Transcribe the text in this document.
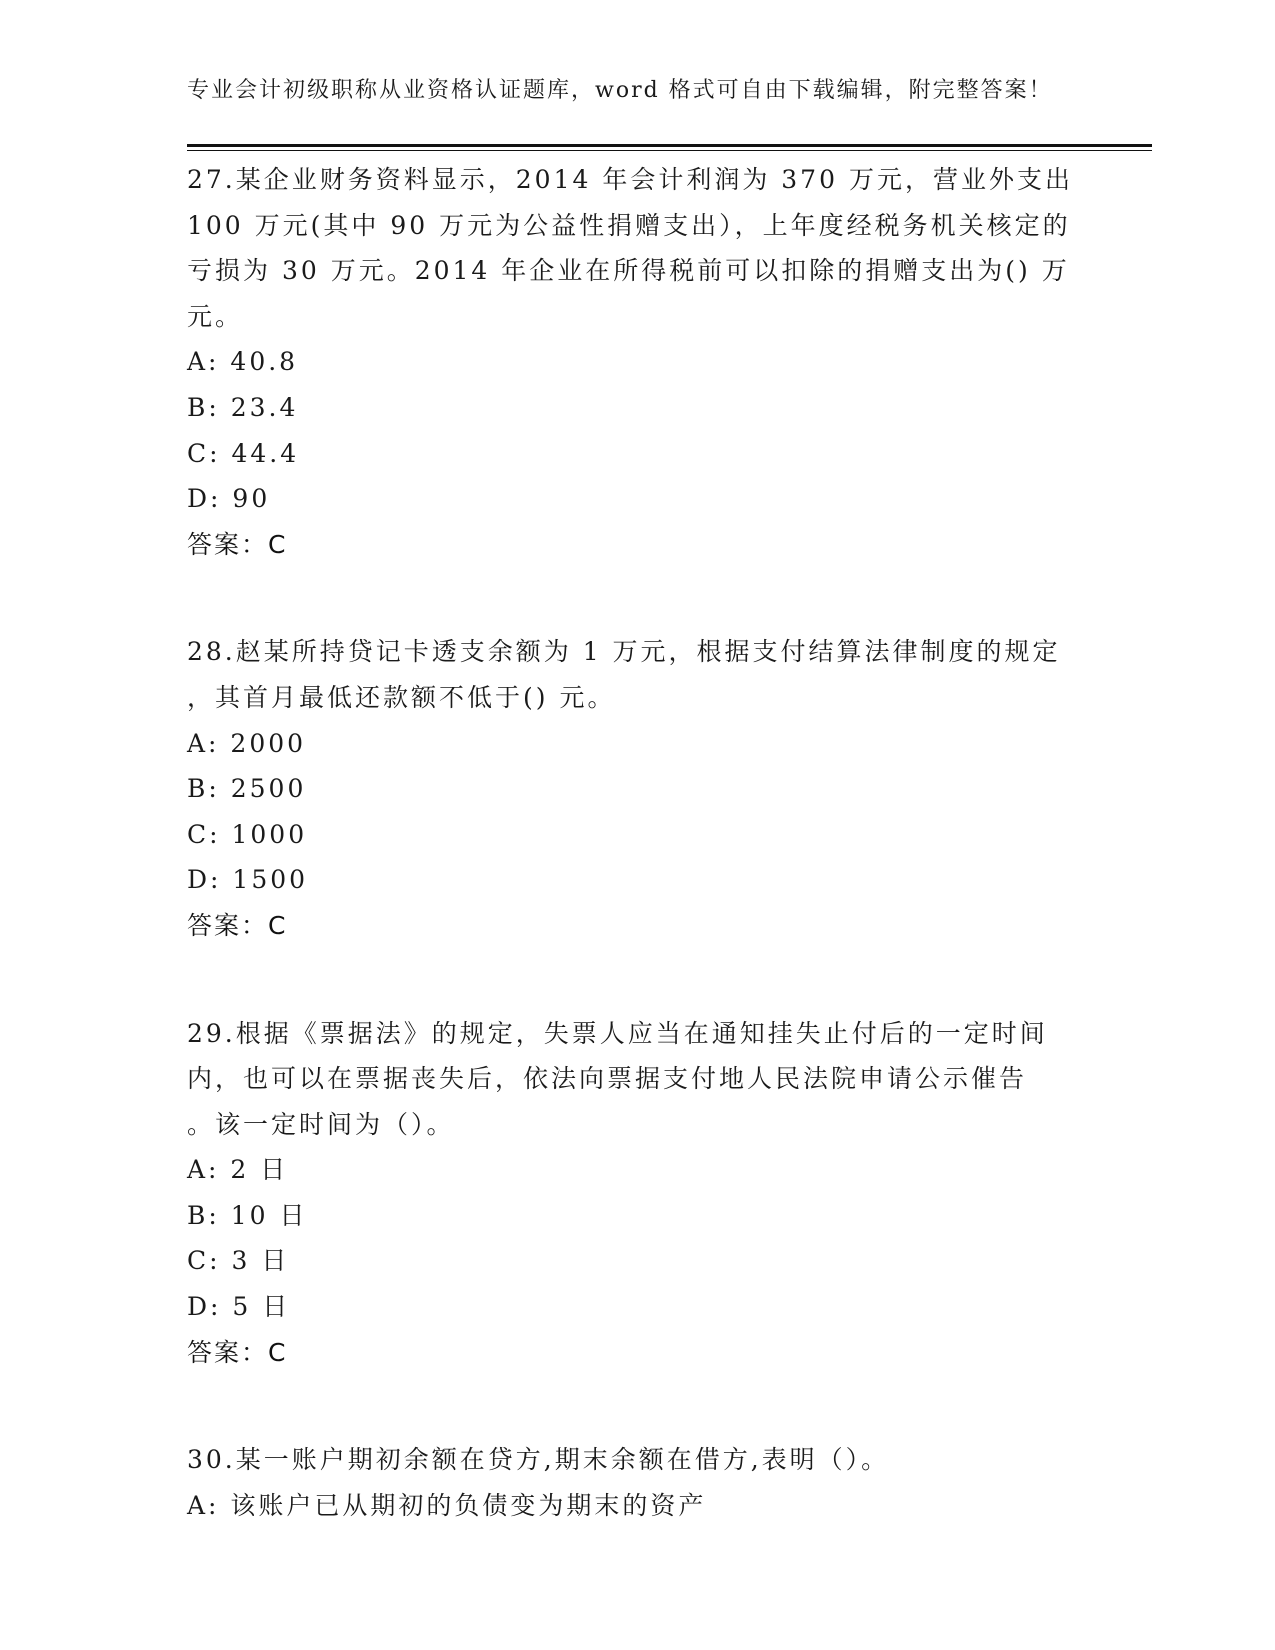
专业会计初级职称从业资格认证题库，word 格式可自由下载编辑，附完整答案！
27.某企业财务资料显示，2014 年会计利润为 370 万元，营业外支出
100 万元(其中 90 万元为公益性捐赠支出），上年度经税务机关核定的
亏损为 30 万元。2014 年企业在所得税前可以扣除的捐赠支出为() 万
元。
A: 40.8
B: 23.4
C: 44.4
D: 90
答案：C
28.赵某所持贷记卡透支余额为 1 万元，根据支付结算法律制度的规定
，其首月最低还款额不低于() 元。
A: 2000
B: 2500
C: 1000
D: 1500
答案：C
29.根据《票据法》的规定，失票人应当在通知挂失止付后的一定时间
内，也可以在票据丧失后，依法向票据支付地人民法院申请公示催告
。该一定时间为（）。
A: 2 日
B: 10 日
C: 3 日
D: 5 日
答案：C
30.某一账户期初余额在贷方,期末余额在借方,表明（）。
A: 该账户已从期初的负债变为期末的资产
